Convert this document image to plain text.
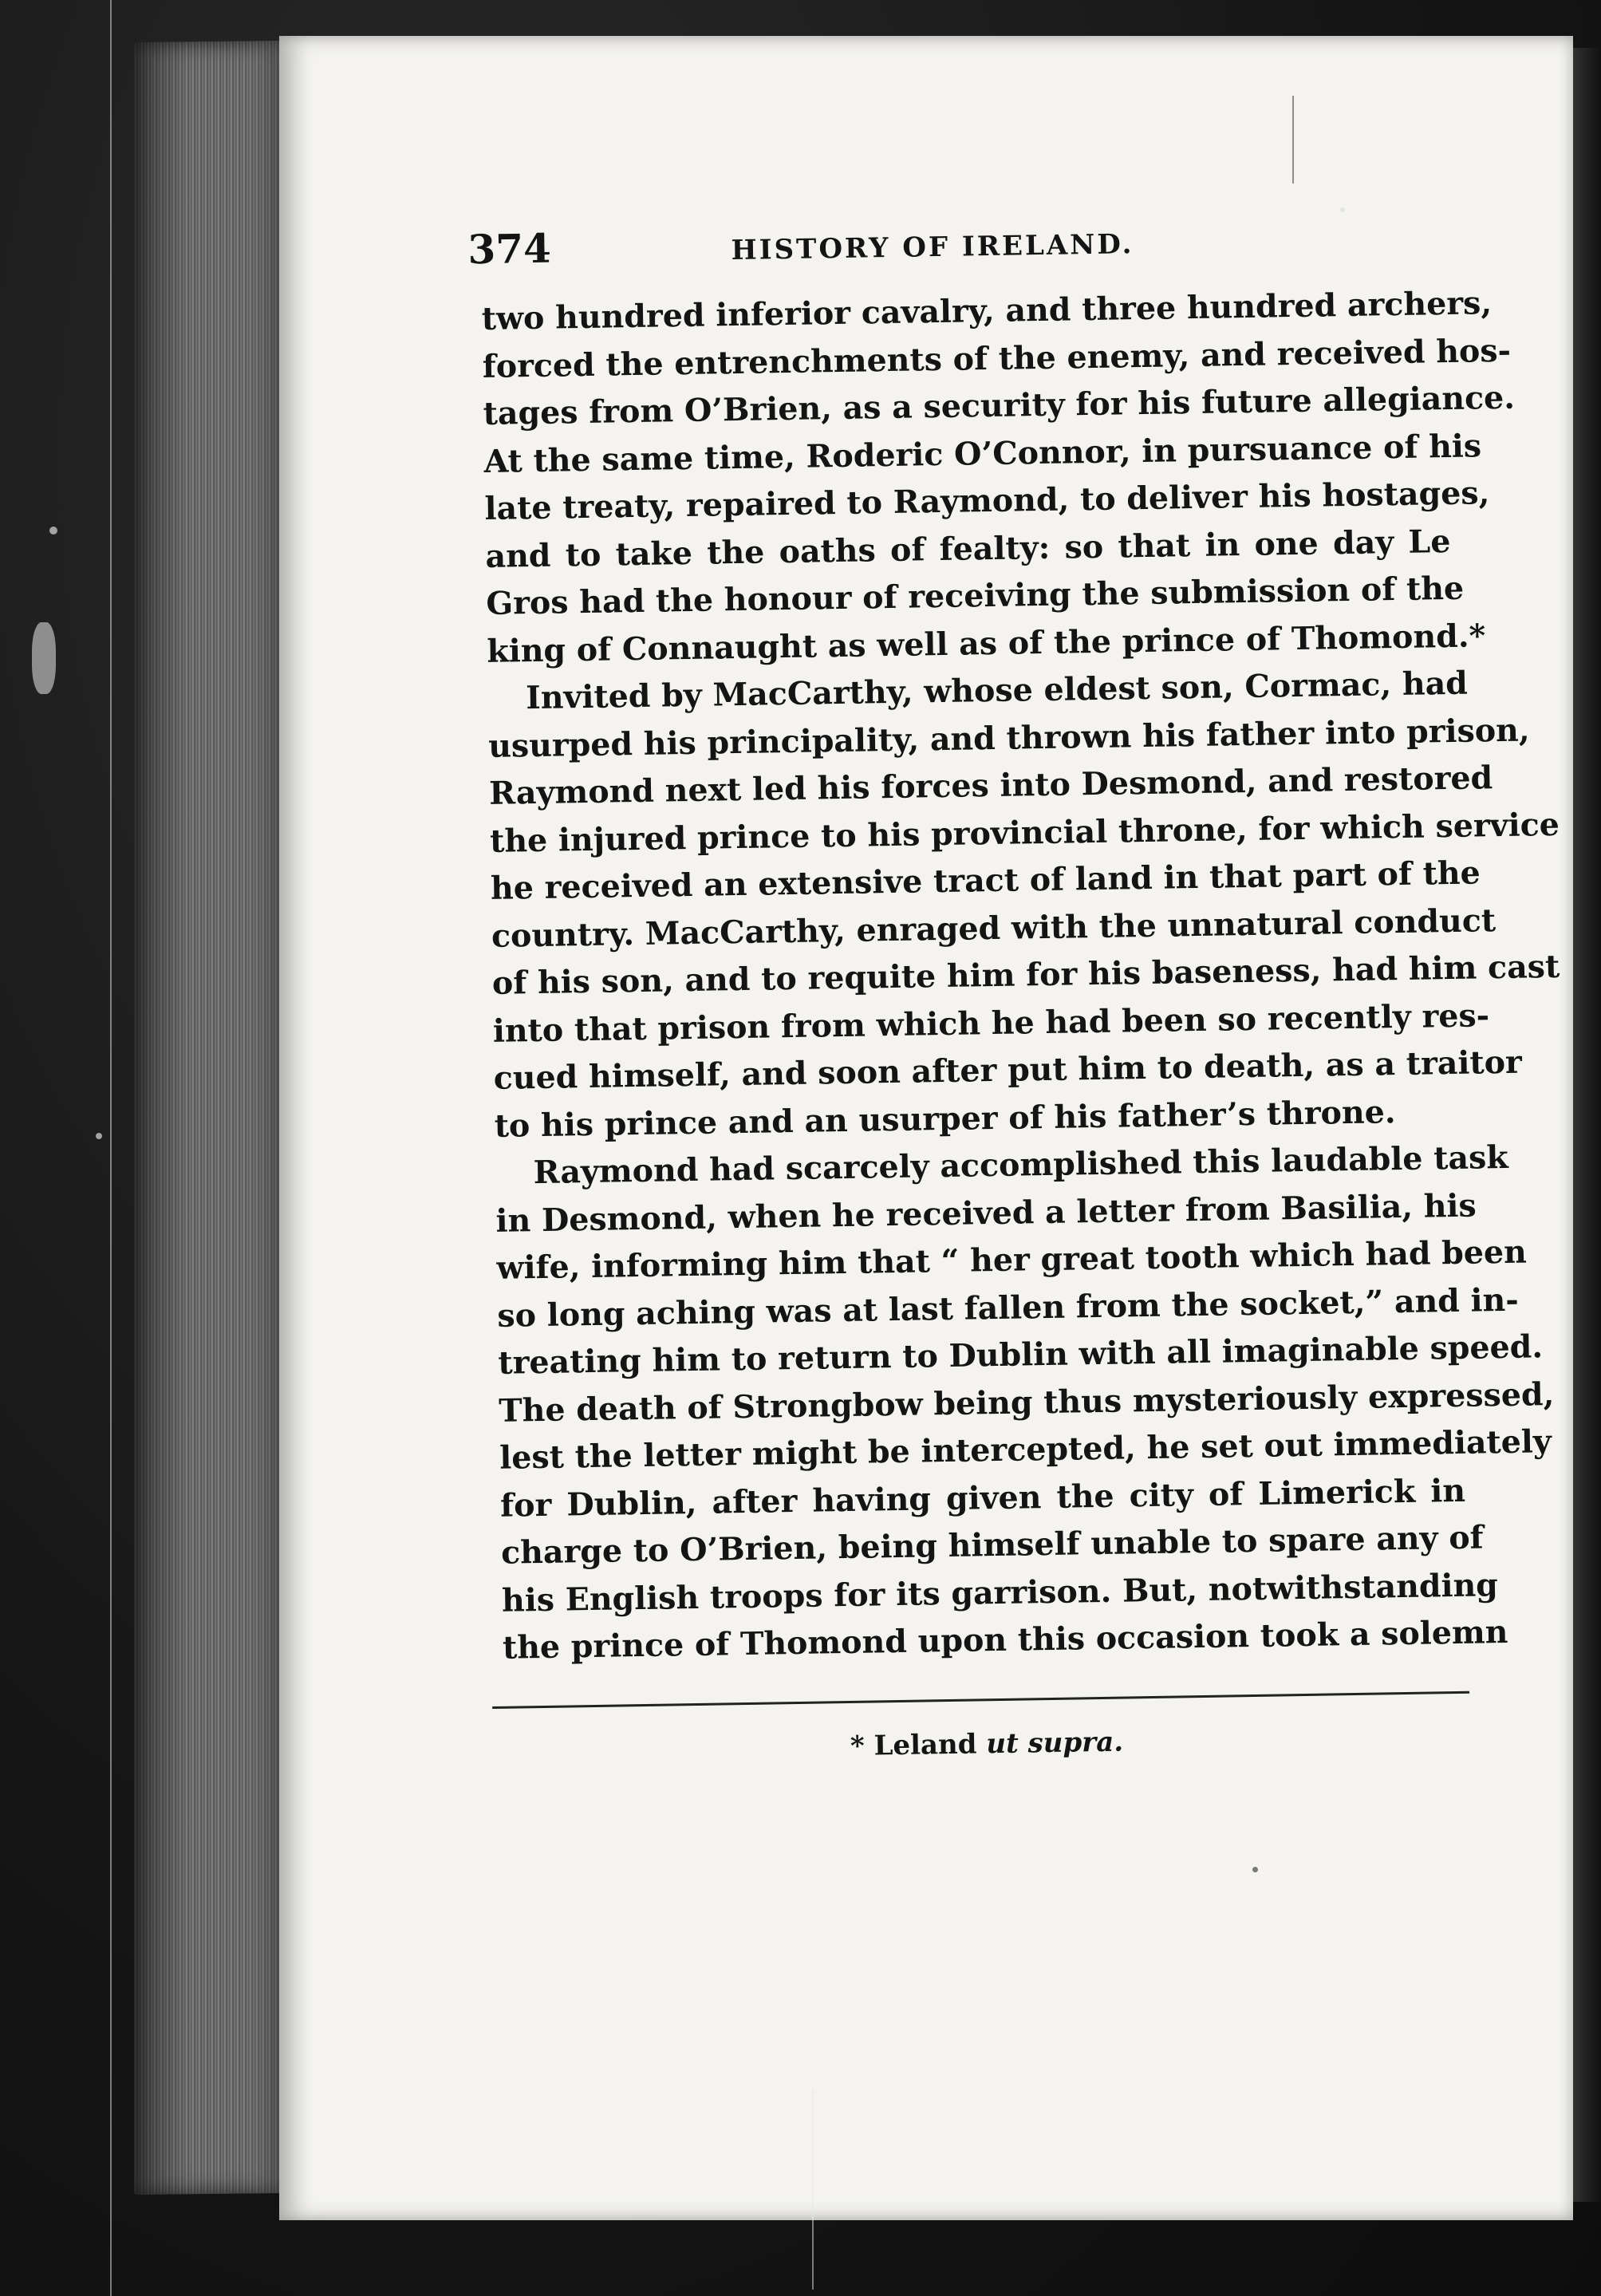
374	HISTORY OF IRELAND.
two hundred inferior cavalry, and three hundred archers,
forced the entrenchments of the enemy, and received hos-
tages from O’Brien, as a security for his future allegiance.
At the same time, Roderic O’Connor, in pursuance of his
late treaty, repaired to Raymond, to deliver his hostages,
and to take the oaths of fealty: so that in one day Le
Gros had the honour of receiving the submission of the
king of Connaught as well as of the prince of Thomond.*
Invited by MacCarthy, whose eldest son, Cormac, had
usurped his principality, and thrown his father into prison,
Raymond next led his forces into Desmond, and restored
the injured prince to his provincial throne, for which service
he received an extensive tract of land in that part of the
country. MacCarthy, enraged with the unnatural conduct
of his son, and to requite him for his baseness, had him cast
into that prison from which he had been so recently res-
cued himself, and soon after put him to death, as a traitor
to his prince and an usurper of his father’s throne.
Raymond had scarcely accomplished this laudable task
in Desmond, when he received a letter from Basilia, his
wife, informing him that “ her great tooth which had been
so long aching was at last fallen from the socket,” and in-
treating him to return to Dublin with all imaginable speed.
The death of Strongbow being thus mysteriously expressed,
lest the letter might be intercepted, he set out immediately
for Dublin, after having given the city of Limerick in
charge to O’Brien, being himself unable to spare any of
his English troops for its garrison. But, notwithstanding
the prince of Thomond upon this occasion took a solemn
* Leland ut supra.
